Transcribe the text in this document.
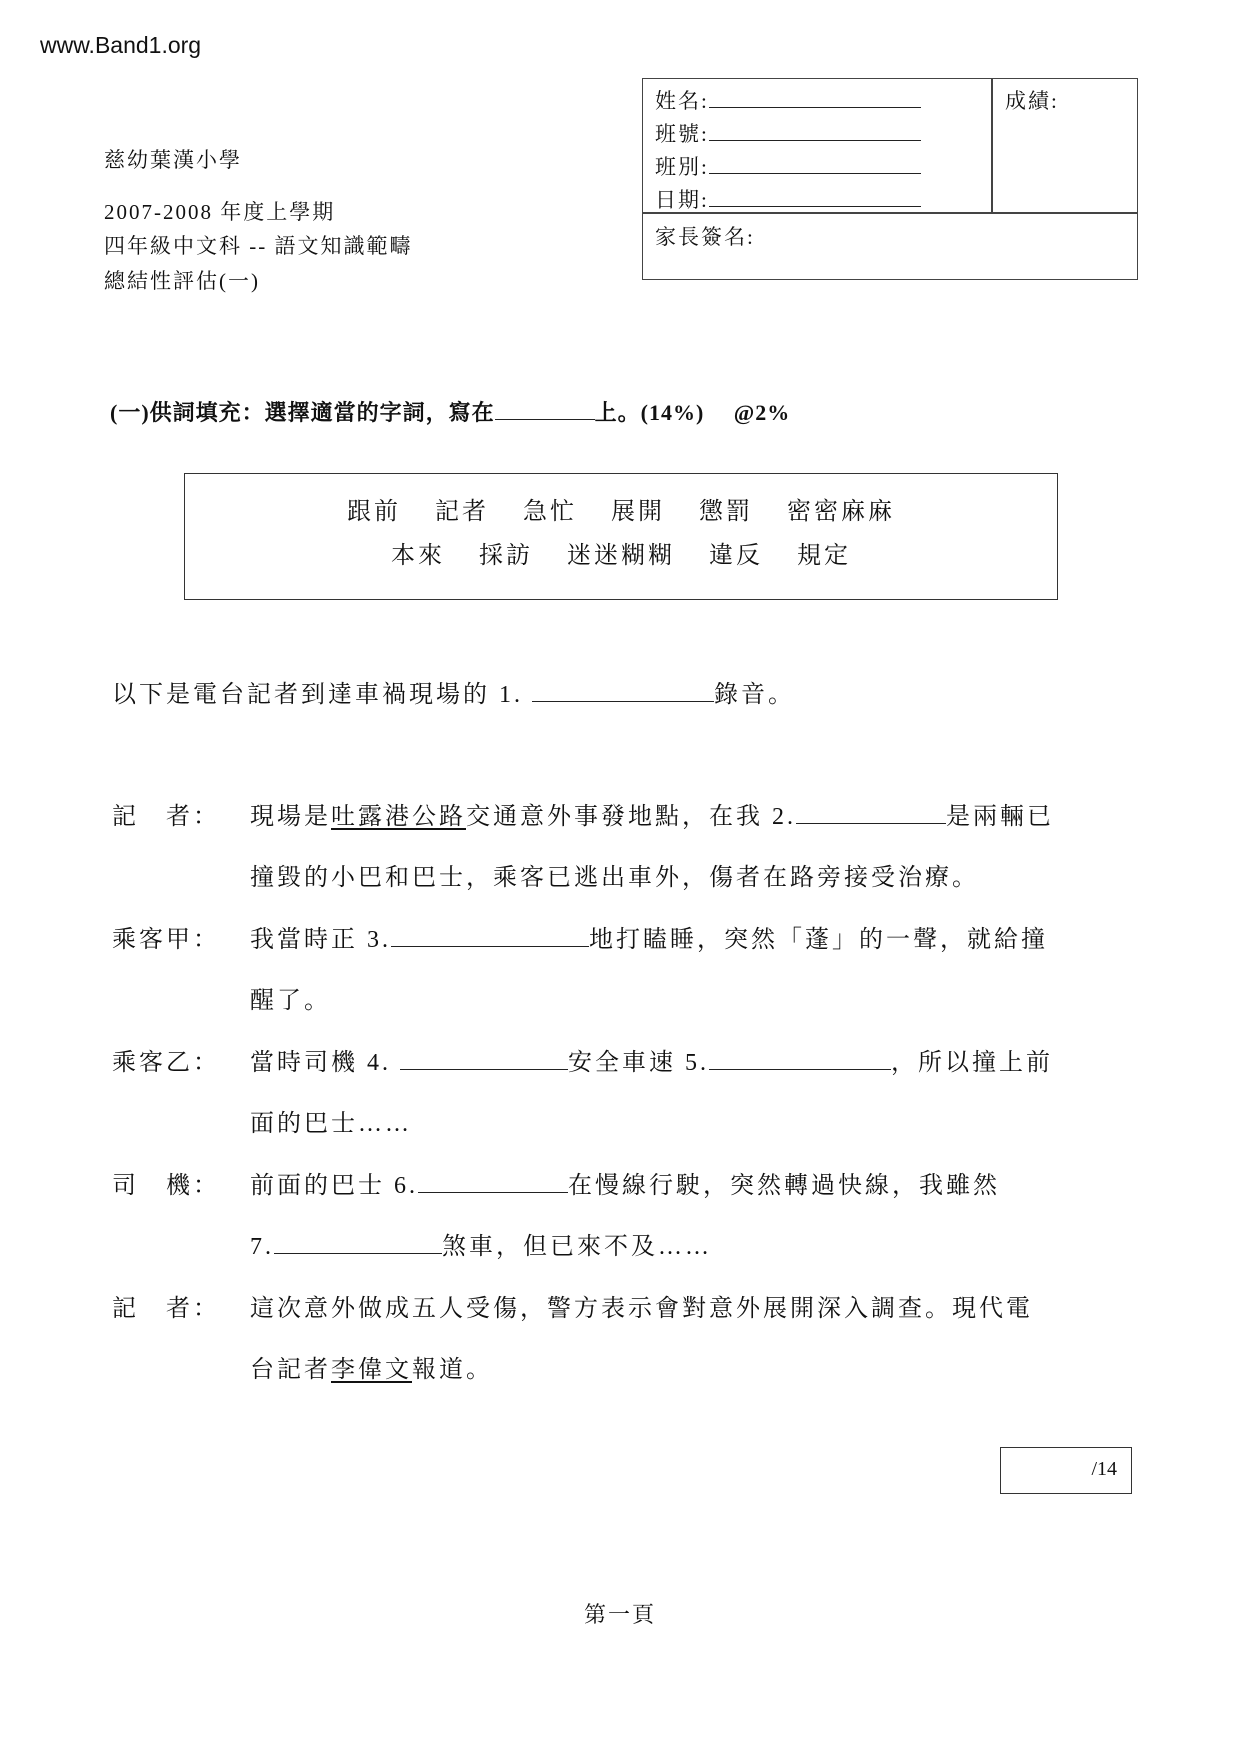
www.Band1.org
慈幼葉漢小學
2007-2008 年度上學期
四年級中文科 -- 語文知識範疇
總結性評估(一)
姓名:
班號:
班別:
日期:
成績:
家長簽名:
(一)供詞填充：選擇適當的字詞，寫在	上。(14%)　 @2%
跟前 記者 急忙 展開 懲罰 密密麻麻
本來 採訪 迷迷糊糊 違反 規定
以下是電台記者到達車禍現場的 1.	錄音。
記　者： 現場是吐露港公路交通意外事發地點，在我 2.	是兩輛已
撞毀的小巴和巴士，乘客已逃出車外，傷者在路旁接受治療。
乘客甲： 我當時正 3.	地打瞌睡，突然「蓬」的一聲，就給撞
醒了。
乘客乙： 當時司機 4.	安全車速 5.	，所以撞上前
面的巴士……
司　機： 前面的巴士 6.	在慢線行駛，突然轉過快線，我雖然
7.	煞車，但已來不及……
記　者： 這次意外做成五人受傷，警方表示會對意外展開深入調查。現代電
台記者李偉文報道。
/14
第一頁
